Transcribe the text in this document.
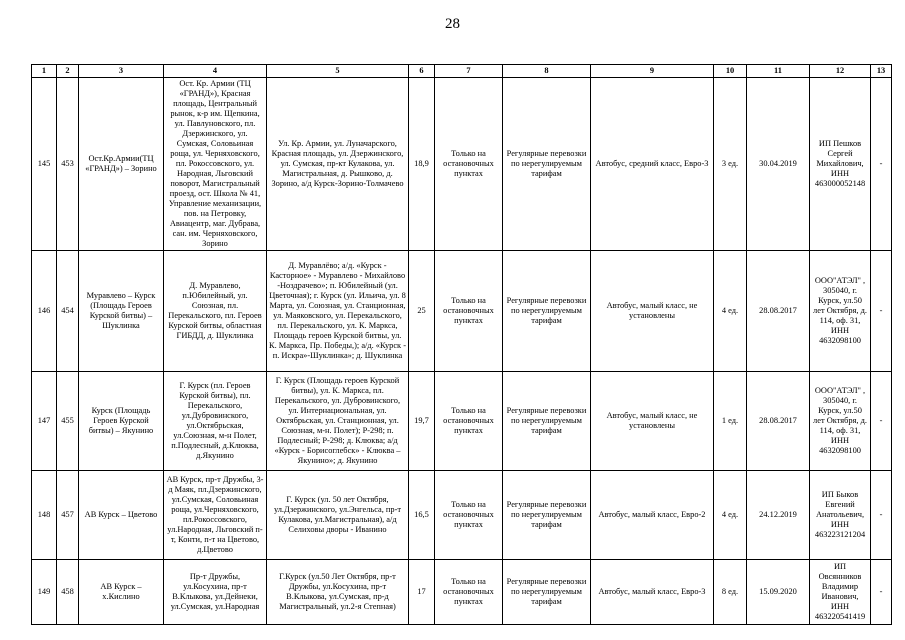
28
1	2	3	4	5	6	7	8	9	10	11	12	13
145	453	Ост.Кр.Армии(ТЦ «ГРАНД») – Зорино	Ост. Кр. Армии (ТЦ «ГРАНД»), Красная площадь, Центральный рынок, к-р им. Щепкина, ул. Павлуновского, пл. Дзержинского, ул. Сумская, Соловьиная роща, ул. Черняховского, пл. Рокоссовского, ул. Народная, Льговский поворот, Магистральный проезд, ост. Школа № 41, Управление механизации, пов. на Петровку, Авиацентр, маг. Дубрава, сан. им. Черняховского, Зорино	Ул. Кр. Армии, ул. Луначарского, Красная площадь, ул. Дзержинского, ул. Сумская, пр-кт Кулакова, ул. Магистральная, д. Рышково, д. Зорино, а/д Курск-Зорино-Толмачево	18,9	Только на остановочных пунктах	Регулярные перевозки по нерегулируемым тарифам	Автобус, средний класс, Евро-3	3 ед.	30.04.2019	ИП Пешков Сергей Михайлович, ИНН 463000052148	-
146	454	Муравлево – Курск (Площадь Героев Курской битвы) – Шуклинка	Д. Муравлево, п.Юбилейный, ул. Союзная, пл. Перекальского, пл. Героев Курской битвы, областная ГИБДД, д. Шуклинка	Д. Муравлёво; а/д. «Курск - Касторное» - Муравлево - Михайлово -Ноздрачево»; п. Юбилейный (ул. Цветочная); г. Курск (ул. Ильича, ул. 8 Марта, ул. Союзная, ул. Станционная, ул. Маяковского, ул. Перекальского, пл. Перекальского, ул. К. Маркса, Площадь героев Курской битвы, ул. К. Маркса, Пр. Победы,); а/д. «Курск - п. Искра»-Шуклинка»; д. Шуклинка	25	Только на остановочных пунктах	Регулярные перевозки по нерегулируемым тарифам	Автобус, малый класс, не установлены	4 ед.	28.08.2017	ООО"АТЭЛ" , 305040, г. Курск, ул.50 лет Октября, д. 114, оф. 31, ИНН 4632098100	-
147	455	Курск (Площадь Героев Курской битвы) – Якунино	Г. Курск (пл. Героев Курской битвы), пл. Перекальского, ул.Дубровинского, ул.Октябрьская, ул.Союзная, м-н Полет, п.Подлесный, д.Клюква, д.Якунино	Г. Курск (Площадь героев Курской битвы), ул. К. Маркса, пл. Перекальского, ул. Дубровинского, ул. Интернациональная, ул. Октябрьская, ул. Станционная, ул. Союзная, м-н. Полет); Р-298; п. Подлесный; Р-298; д. Клюква; а/д «Курск - Борисоглебск» - Клюква – Якунино»; д. Якунино	19,7	Только на остановочных пунктах	Регулярные перевозки по нерегулируемым тарифам	Автобус, малый класс, не установлены	1 ед.	28.08.2017	ООО"АТЭЛ" , 305040, г. Курск, ул.50 лет Октября, д. 114, оф. 31, ИНН 4632098100	-
148	457	АВ Курск – Цветово	АВ Курск, пр-т Дружбы, 3-д Маяк, пл.Дзержинского, ул.Сумская, Соловьиная роща, ул.Черняховского, пл.Рокоссовского, ул.Народная, Льговский п-т, Конти, п-т на Цветово, д.Цветово	Г. Курск (ул. 50 лет Октября, ул.Дзержинского, ул.Энгельса, пр-т Кулакова, ул.Магистральная), а/д Селиховы дворы - Иванино	16,5	Только на остановочных пунктах	Регулярные перевозки по нерегулируемым тарифам	Автобус, малый класс, Евро-2	4 ед.	24.12.2019	ИП Быков Евгений Анатольевич, ИНН 463223121204	-
149	458	АВ Курск – х.Кислино	Пр-т Дружбы, ул.Косухина, пр-т В.Клыкова, ул.Дейнеки, ул.Сумская, ул.Народная	Г.Курск (ул.50 Лет Октября, пр-т Дружбы, ул.Косухина, пр-т В.Клыкова, ул.Сумская, пр-д Магистральный, ул.2-я Степная)	17	Только на остановочных пунктах	Регулярные перевозки по нерегулируемым тарифам	Автобус, малый класс, Евро-3	8 ед.	15.09.2020	ИП Овсянников Владимир Иванович, ИНН 463220541419	-
